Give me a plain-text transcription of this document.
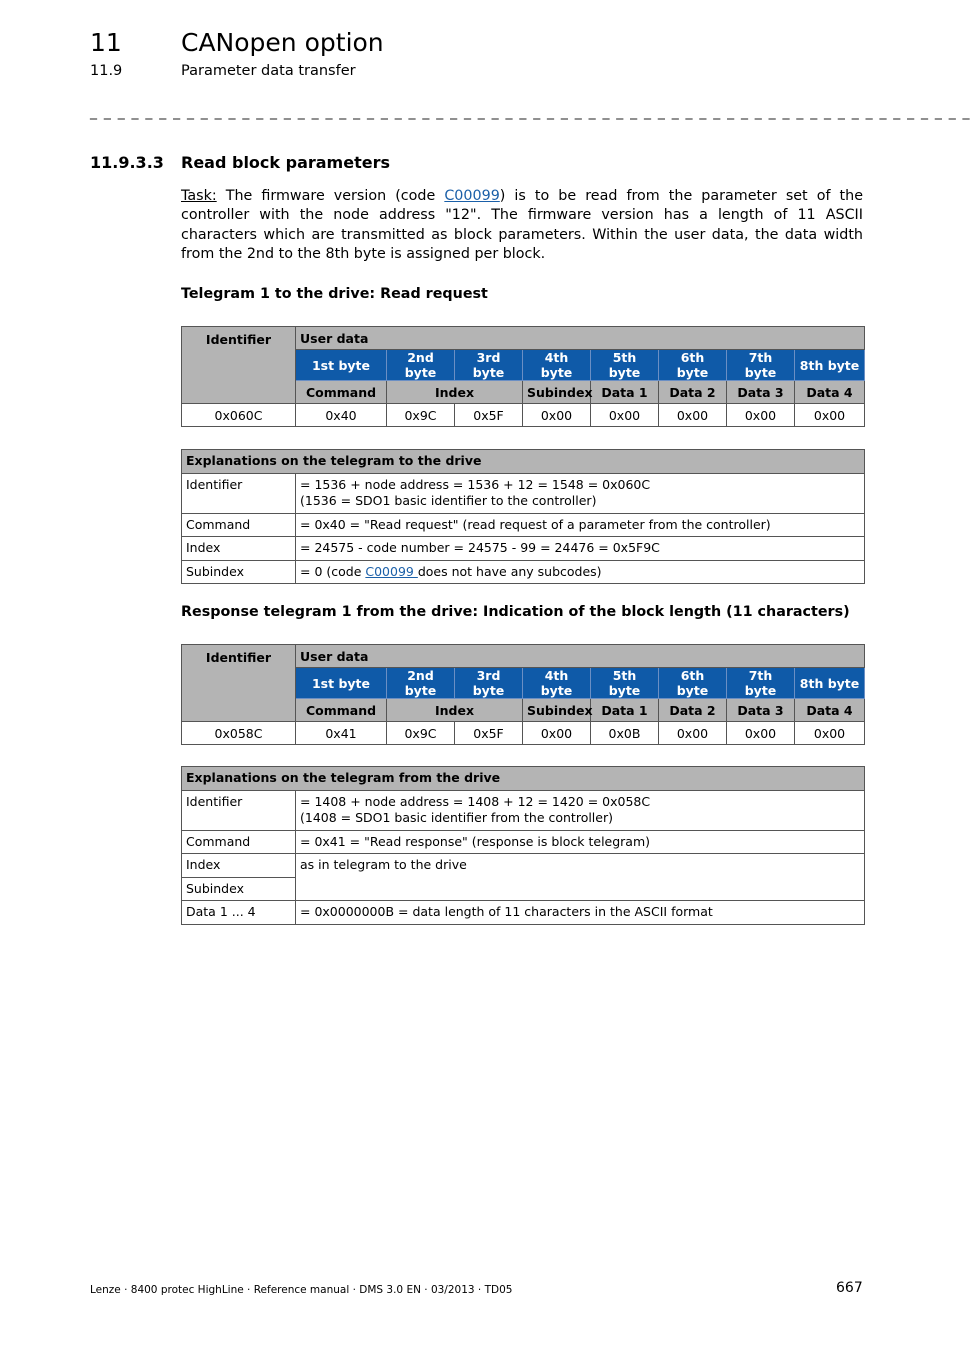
11 CANopen option
11.9	Parameter data transfer
_ _ _ _ _ _ _ _ _ _ _ _ _ _ _ _ _ _ _ _ _ _ _ _ _ _ _ _ _ _ _ _ _ _ _ _ _ _ _ _ _ _ _ _ _ _ _ _ _ _ _ _ _ _ _ _ _ _ _ _ _ _ _ _
11.9.3.3 Read block parameters
Task: The firmware version (code C00099) is to be read from the parameter set of the controller with the node address "12". The firmware version has a length of 11 ASCII characters which are transmitted as block parameters. Within the user data, the data width from the 2nd to the 8th byte is assigned per block.
Telegram 1 to the drive: Read request
Identifier	User data							
	1st byte	2nd byte	3rd byte	4th byte	5th byte	6th byte	7th byte	8th byte
	Command	Index		Subindex	Data 1	Data 2	Data 3	Data 4
0x060C	0x40	0x9C	0x5F	0x00	0x00	0x00	0x00	0x00
Explanations on the telegram to the drive	
Identifier	= 1536 + node address = 1536 + 12 = 1548 = 0x060C
(1536 = SDO1 basic identifier to the controller)

Command	= 0x40 = "Read request" (read request of a parameter from the controller)
Index	= 24575 - code number = 24575 - 99 = 24476 = 0x5F9C
Subindex	= 0 (code C00099 does not have any subcodes)
Response telegram 1 from the drive: Indication of the block length (11 characters)
Identifier	User data							
	1st byte	2nd byte	3rd byte	4th byte	5th byte	6th byte	7th byte	8th byte
	Command	Index		Subindex	Data 1	Data 2	Data 3	Data 4
0x058C	0x41	0x9C	0x5F	0x00	0x0B	0x00	0x00	0x00
Explanations on the telegram from the drive	
Identifier	= 1408 + node address = 1408 + 12 = 1420 = 0x058C
(1408 = SDO1 basic identifier from the controller)

Command	= 0x41 = "Read response" (response is block telegram)
Index	as in telegram to the drive
Subindex	
Data 1 ... 4	= 0x0000000B = data length of 11 characters in the ASCII format
Lenze · 8400 protec HighLine · Reference manual · DMS 3.0 EN · 03/2013 · TD05	667
